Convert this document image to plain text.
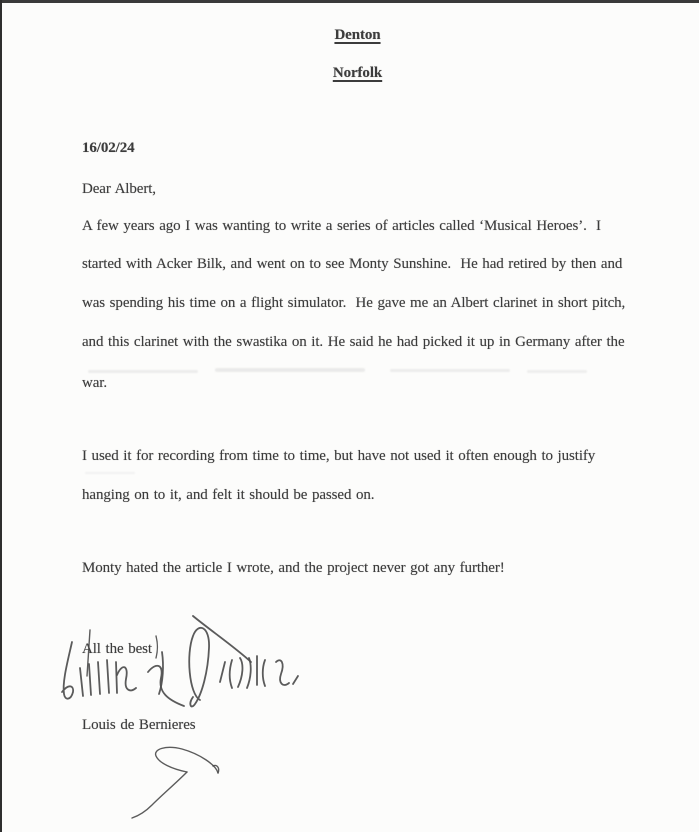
Denton
Norfolk
16/02/24
Dear Albert,
A few years ago I was wanting to write a series of articles called ‘Musical Heroes’.  I
started with Acker Bilk, and went on to see Monty Sunshine.  He had retired by then and
was spending his time on a flight simulator.  He gave me an Albert clarinet in short pitch,
and this clarinet with the swastika on it. He said he had picked it up in Germany after the
war.
I used it for recording from time to time, but have not used it often enough to justify
hanging on to it, and felt it should be passed on.
Monty hated the article I wrote, and the project never got any further!
All the best
Louis de Bernieres
